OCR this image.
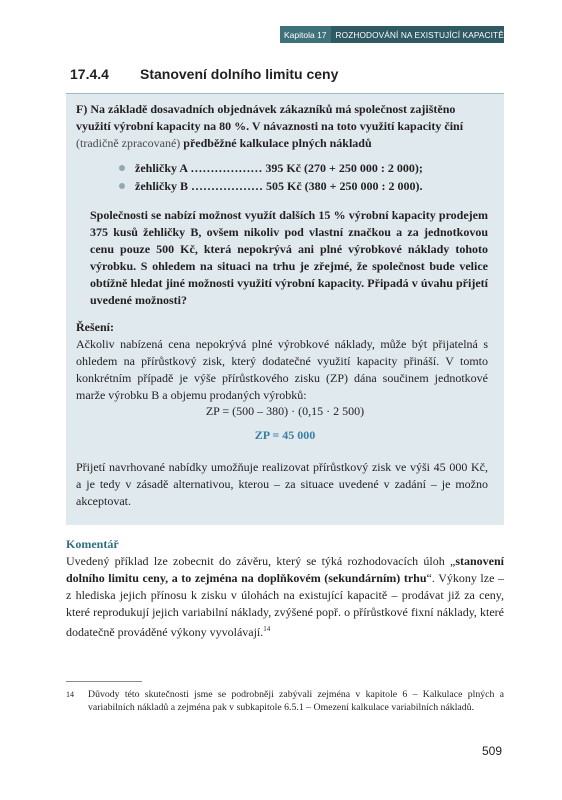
Kapitola 17	ROZHODOVÁNÍ NA EXISTUJÍCÍ KAPACITĚ
17.4.4 Stanovení dolního limitu ceny

F) Na základě dosavadních objednávek zákazníků má společnost zajištěno využití výrobní kapacity na 80 %. V návaznosti na toto využití kapacity činí (tradičně zpracované) předběžné kalkulace plných nákladů

žehličky A ……………… 395 Kč (270 + 250 000 : 2 000);
žehličky B ……………… 505 Kč (380 + 250 000 : 2 000).

Společnosti se nabízí možnost využít dalších 15 % výrobní kapacity prodejem 375 kusů žehličky B, ovšem nikoliv pod vlastní značkou a za jednotkovou cenu pouze 500 Kč, která nepokrývá ani plné výrobkové náklady tohoto výrobku. S ohledem na situaci na trhu je zřejmé, že společnost bude velice obtížně hledat jiné možnosti využití výrobní kapacity. Připadá v úvahu přijetí uvedené možnosti?

Řešení:

Ačkoliv nabízená cena nepokrývá plné výrobkové náklady, může být přijatelná s ohledem na přírůstkový zisk, který dodatečné využití kapacity přináší. V tomto konkrétním případě je výše přírůstkového zisku (ZP) dána součinem jednotkové marže výrobku B a objemu prodaných výrobků:

ZP = (500 – 380) · (0,15 · 2 500)
ZP = 45 000

Přijetí navrhované nabídky umožňuje realizovat přírůstkový zisk ve výši 45 000 Kč, a je tedy v zásadě alternativou, kterou – za situace uvedené v zadání – je možno akceptovat.

Komentář

Uvedený příklad lze zobecnit do závěru, který se týká rozhodovacích úloh „stanovení dolního limitu ceny, a to zejména na doplňkovém (sekundárním) trhu“. Výkony lze – z hlediska jejich přínosu k zisku v úlohách na existující kapacitě – prodávat již za ceny, které reprodukují jejich variabilní náklady, zvýšené popř. o přírůstkové fixní náklady, které dodatečně prováděné výkony vyvolávají.$^{14}$

14	Důvody této skutečnosti jsme se podrobněji zabývali zejména v kapitole 6 – Kalkulace plných a variabilních nákladů a zejména pak v subkapitole 6.5.1 – Omezení kalkulace variabilních nákladů.
509
